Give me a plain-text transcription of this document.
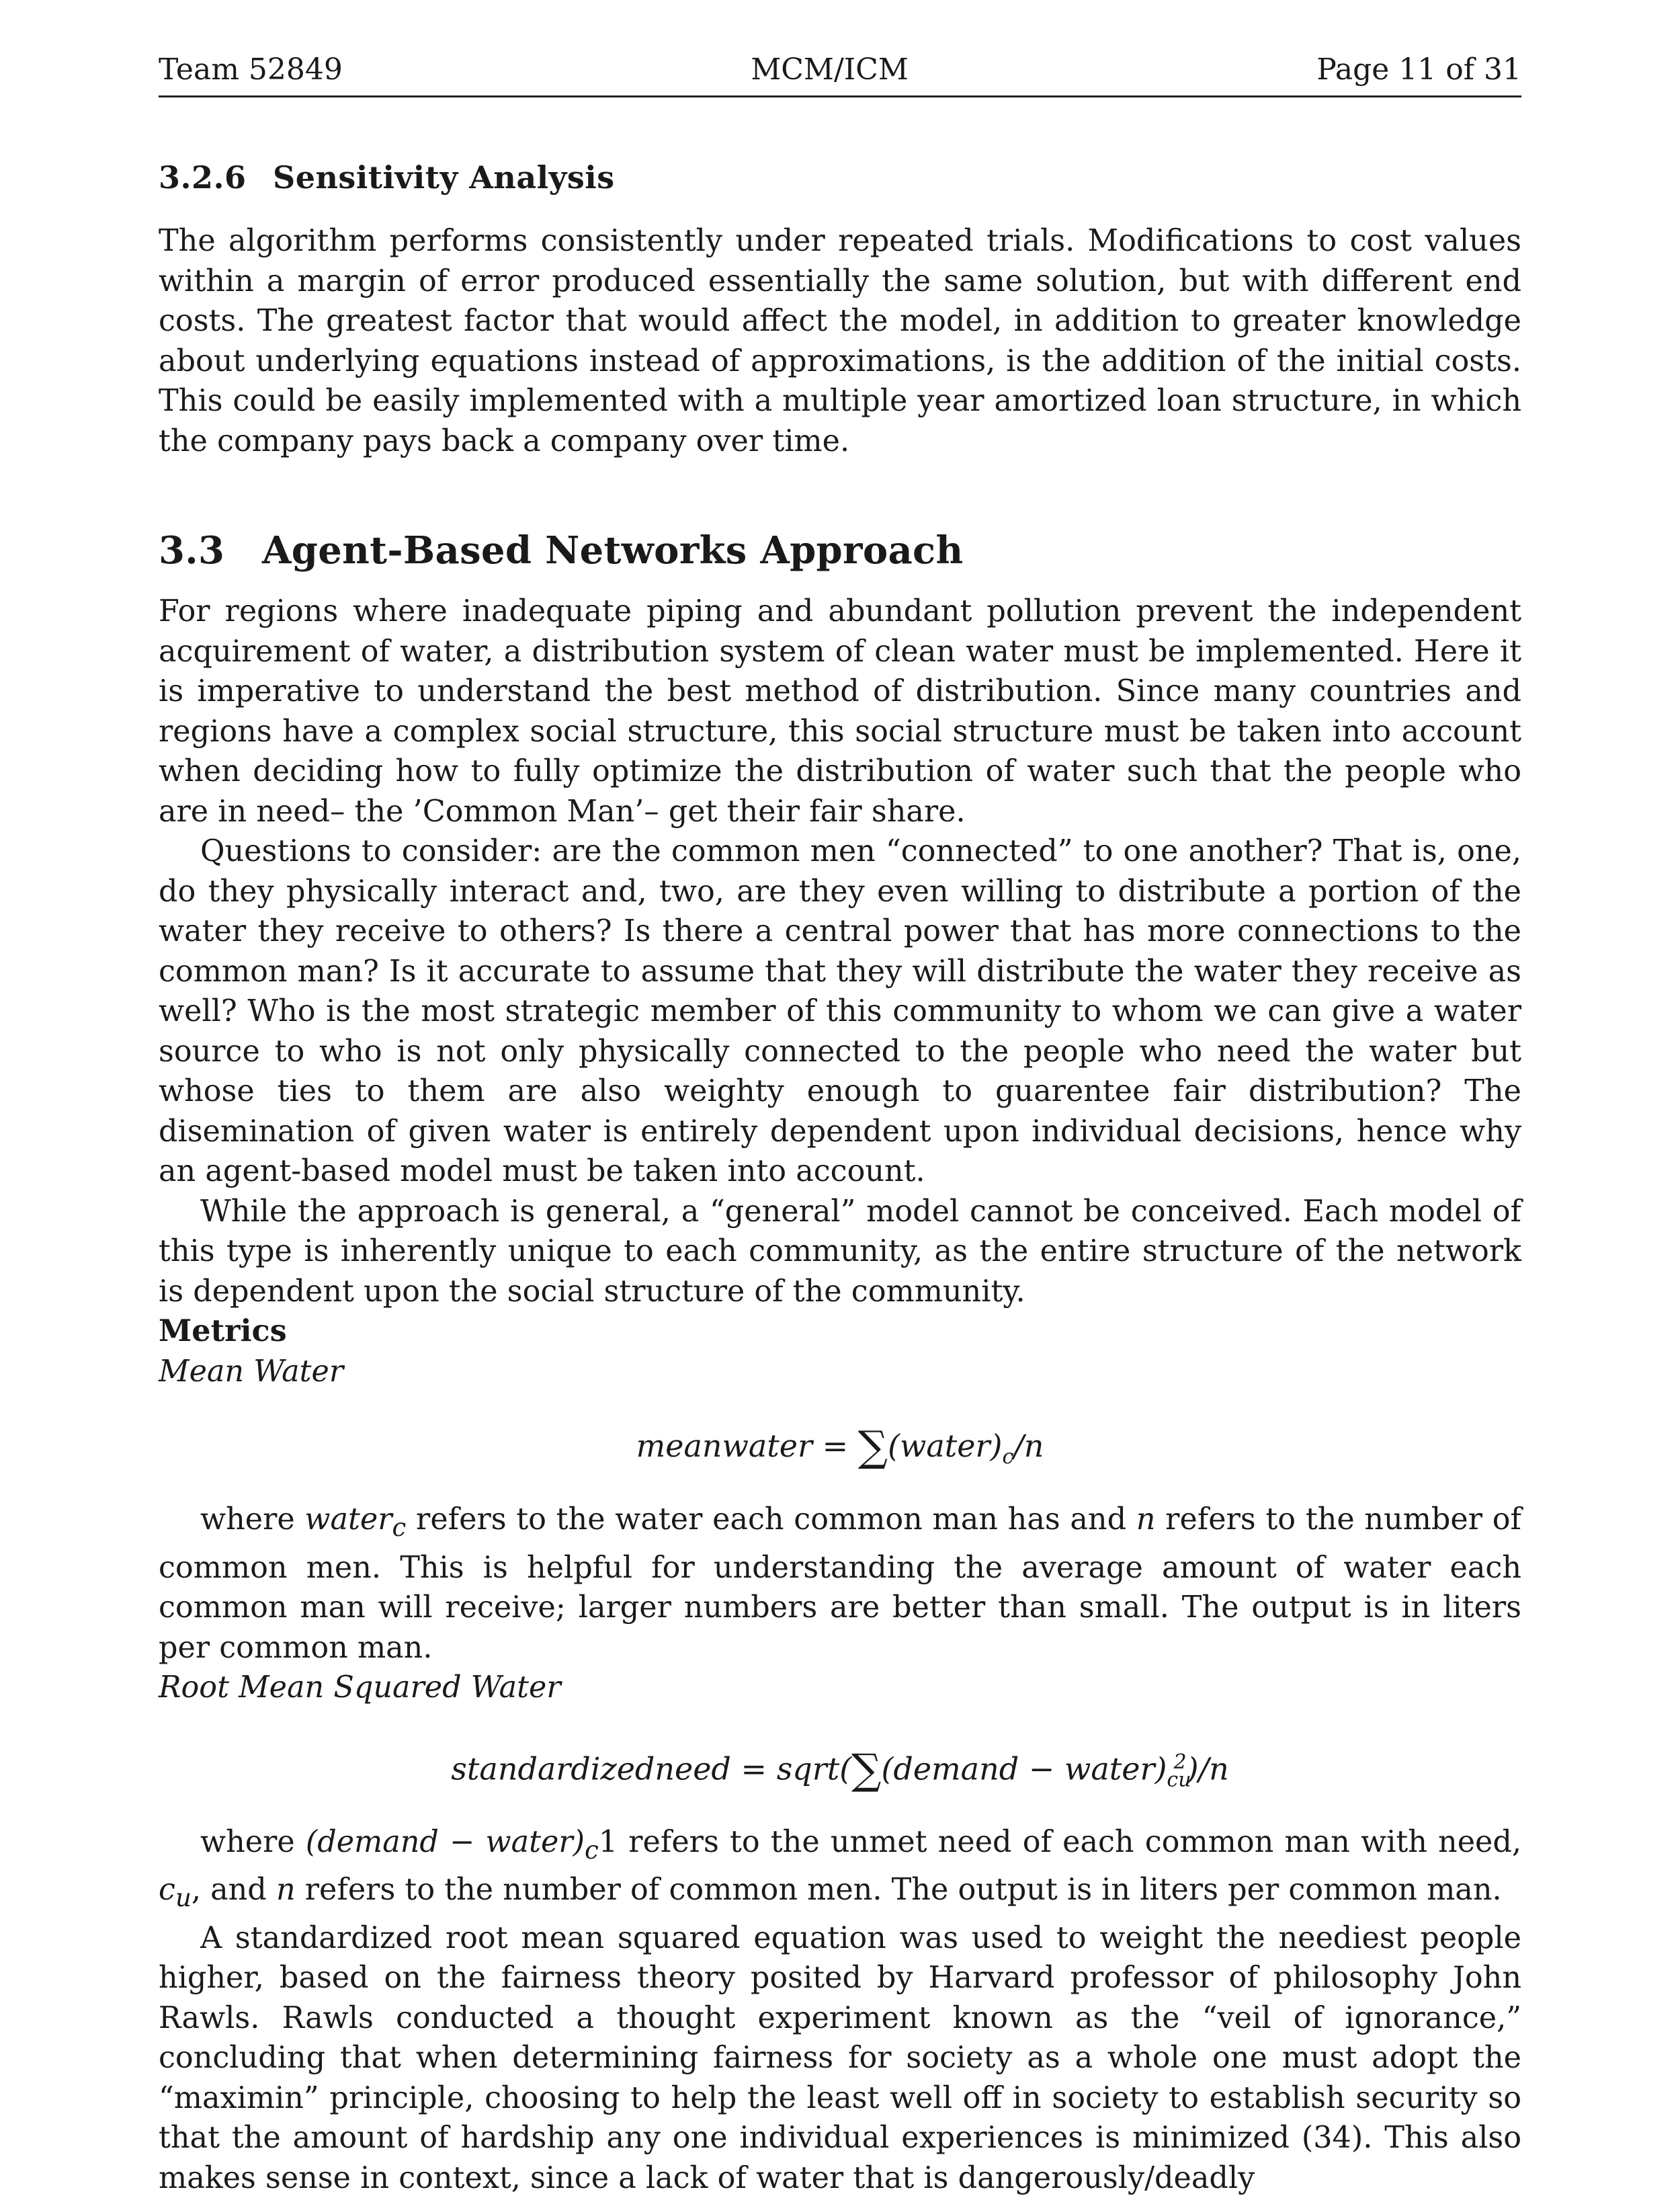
Team 52849	MCM/ICM	Page 11 of 31
3.2.6 Sensitivity Analysis

The algorithm performs consistently under repeated trials. Modifications to cost values within a margin of error produced essentially the same solution, but with different end costs. The greatest factor that would affect the model, in addition to greater knowledge about underlying equations instead of approximations, is the addition of the initial costs. This could be easily implemented with a multiple year amortized loan structure, in which the company pays back a company over time.

3.3 Agent-Based Networks Approach

For regions where inadequate piping and abundant pollution prevent the independent acquirement of water, a distribution system of clean water must be implemented. Here it is imperative to understand the best method of distribution. Since many countries and regions have a complex social structure, this social structure must be taken into account when deciding how to fully optimize the distribution of water such that the people who are in need– the ’Common Man’– get their fair share.

Questions to consider: are the common men “connected” to one another? That is, one, do they physically interact and, two, are they even willing to distribute a portion of the water they receive to others? Is there a central power that has more connections to the common man? Is it accurate to assume that they will distribute the water they receive as well? Who is the most strategic member of this community to whom we can give a water source to who is not only physically connected to the people who need the water but whose ties to them are also weighty enough to guarentee fair distribution? The disemination of given water is entirely dependent upon individual decisions, hence why an agent-based model must be taken into account.

While the approach is general, a “general” model cannot be conceived. Each model of this type is inherently unique to each community, as the entire structure of the network is dependent upon the social structure of the community.

Metrics
Mean Water
meanwater = $\sum(water)_c/n$

where water$_c$ refers to the water each common man has and n refers to the number of common men. This is helpful for understanding the average amount of water each common man will receive; larger numbers are better than small. The output is in liters per common man.

Root Mean Squared Water
standardizedneed = sqrt(∑(demand − $water)_{cu}^2)/n$

where (demand − $water)_c1$ refers to the unmet need of each common man with need, $c_u$, and n refers to the number of common men. The output is in liters per common man.

A standardized root mean squared equation was used to weight the neediest people higher, based on the fairness theory posited by Harvard professor of philosophy John Rawls. Rawls conducted a thought experiment known as the “veil of ignorance,” concluding that when determining fairness for society as a whole one must adopt the “maximin” principle, choosing to help the least well off in society to establish security so that the amount of hardship any one individual experiences is minimized (34). This also makes sense in context, since a lack of water that is dangerously/deadly
